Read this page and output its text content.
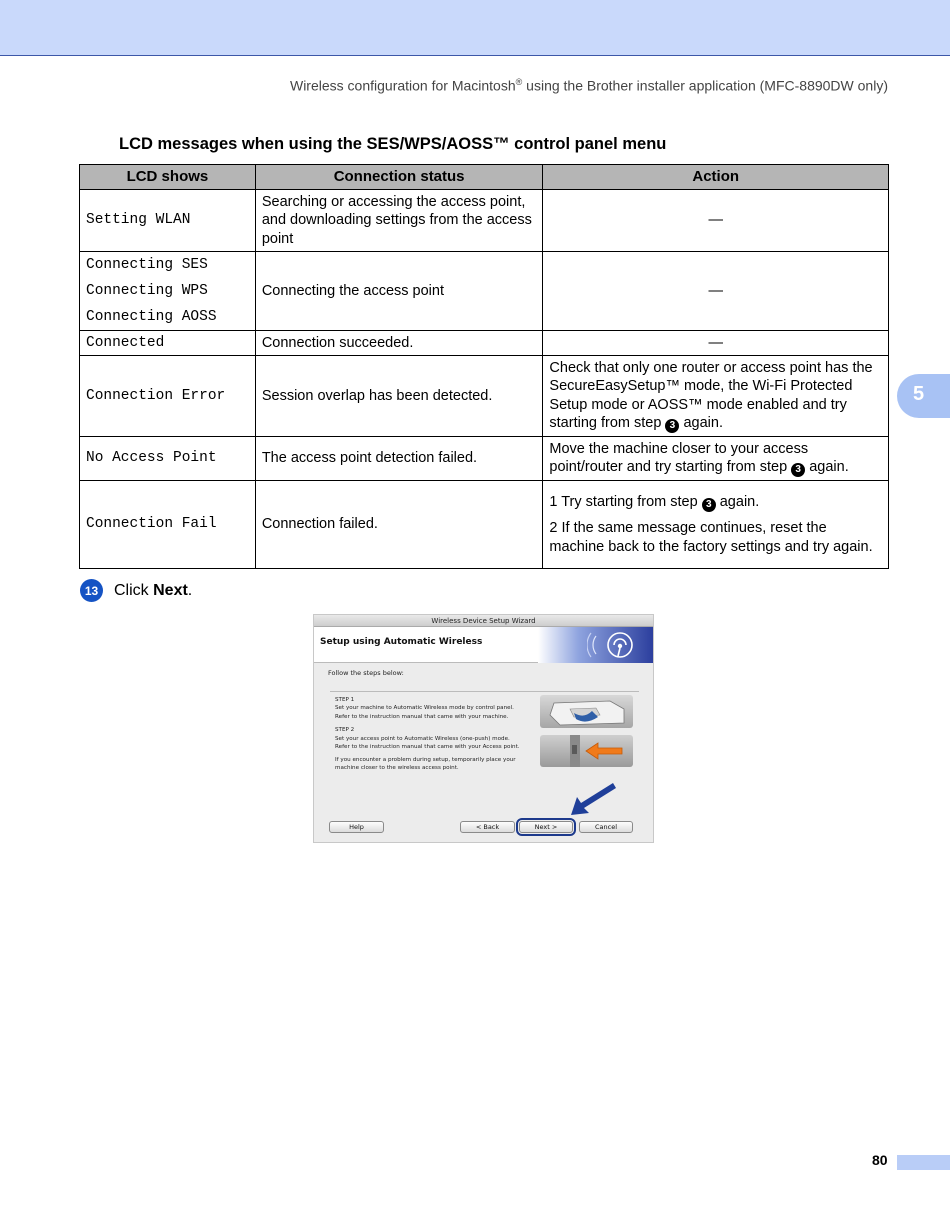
Wireless configuration for Macintosh® using the Brother installer application (MFC-8890DW only)
5
LCD messages when using the SES/WPS/AOSS™ control panel menu
LCD shows	Connection status	Action
Setting WLAN	Searching or accessing the access point, and downloading settings from the access point	—

Connecting SES
Connecting WPS
Connecting AOSS	Connecting the access point	—
Connected	Connection succeeded.	—
Connection Error	Session overlap has been detected.	Check that only one router or access point has the SecureEasySetup™ mode, the Wi-Fi Protected Setup mode or AOSS™ mode enabled and try starting from step 3 again.
No Access Point	The access point detection failed.	Move the machine closer to your access point/router and try starting from step 3 again.
Connection Fail	Connection failed.	1 Try starting from step 3 again.
2 If the same message continues, reset the machine back to the factory settings and try again.
13 Click Next.
Wireless Device Setup Wizard
Setup using Automatic Wireless
Follow the steps below:

STEP 1

Set your machine to Automatic Wireless mode by control panel.

Refer to the instruction manual that came with your machine.

STEP 2

Set your access point to Automatic Wireless (one-push) mode.

Refer to the instruction manual that came with your Access point.

If you encounter a problem during setup, temporarily place your machine closer to the wireless access point.

Help	< Back	Next >	Cancel
80
